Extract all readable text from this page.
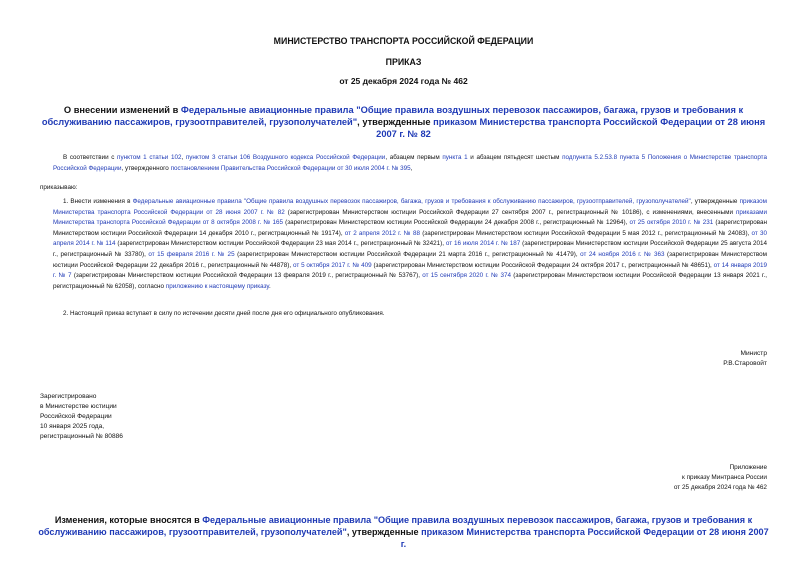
МИНИСТЕРСТВО ТРАНСПОРТА РОССИЙСКОЙ ФЕДЕРАЦИИ
ПРИКАЗ
от 25 декабря 2024 года № 462
О внесении изменений в Федеральные авиационные правила "Общие правила воздушных перевозок пассажиров, багажа, грузов и требования к обслуживанию пассажиров, грузоотправителей, грузополучателей", утвержденные приказом Министерства транспорта Российской Федерации от 28 июня 2007 г. № 82
В соответствии с пунктом 1 статьи 102, пунктом 3 статьи 106 Воздушного кодекса Российской Федерации, абзацем первым пункта 1 и абзацем пятьдесят шестым подпункта 5.2.53.8 пункта 5 Положения о Министерстве транспорта Российской Федерации, утвержденного постановлением Правительства Российской Федерации от 30 июля 2004 г. № 395,
приказываю:
1. Внести изменения в Федеральные авиационные правила "Общие правила воздушных перевозок пассажиров, багажа, грузов и требования к обслуживанию пассажиров, грузоотправителей, грузополучателей", утвержденные приказом Министерства транспорта Российской Федерации от 28 июня 2007 г. № 82 (зарегистрирован Министерством юстиции Российской Федерации 27 сентября 2007 г., регистрационный № 10186), с изменениями, внесенными приказами Министерства транспорта Российской Федерации от 8 октября 2008 г. № 165 (зарегистрирован Министерством юстиции Российской Федерации 24 декабря 2008 г., регистрационный № 12964), от 25 октября 2010 г. № 231 (зарегистрирован Министерством юстиции Российской Федерации 14 декабря 2010 г., регистрационный № 19174), от 2 апреля 2012 г. № 88 (зарегистрирован Министерством юстиции Российской Федерации 5 мая 2012 г., регистрационный № 24083), от 30 апреля 2014 г. № 114 (зарегистрирован Министерством юстиции Российской Федерации 23 мая 2014 г., регистрационный № 32421), от 16 июля 2014 г. № 187 (зарегистрирован Министерством юстиции Российской Федерации 25 августа 2014 г., регистрационный № 33780), от 15 февраля 2016 г. № 25 (зарегистрирован Министерством юстиции Российской Федерации 21 марта 2016 г., регистрационный № 41479), от 24 ноября 2016 г. № 363 (зарегистрирован Министерством юстиции Российской Федерации 22 декабря 2016 г., регистрационный № 44878), от 5 октября 2017 г. № 409 (зарегистрирован Министерством юстиции Российской Федерации 24 октября 2017 г., регистрационный № 48651), от 14 января 2019 г. № 7 (зарегистрирован Министерством юстиции Российской Федерации 13 февраля 2019 г., регистрационный № 53767), от 15 сентября 2020 г. № 374 (зарегистрирован Министерством юстиции Российской Федерации 13 января 2021 г., регистрационный № 62058), согласно приложению к настоящему приказу.
2. Настоящий приказ вступает в силу по истечении десяти дней после дня его официального опубликования.
Министр
Р.В.Старовойт
Зарегистрировано
в Министерстве юстиции
Российской Федерации
10 января 2025 года,
регистрационный № 80886
Приложение
к приказу Минтранса России
от 25 декабря 2024 года № 462
Изменения, которые вносятся в Федеральные авиационные правила "Общие правила воздушных перевозок пассажиров, багажа, грузов и требования к обслуживанию пассажиров, грузоотправителей, грузополучателей", утвержденные приказом Министерства транспорта Российской Федерации от 28 июня 2007 г.
